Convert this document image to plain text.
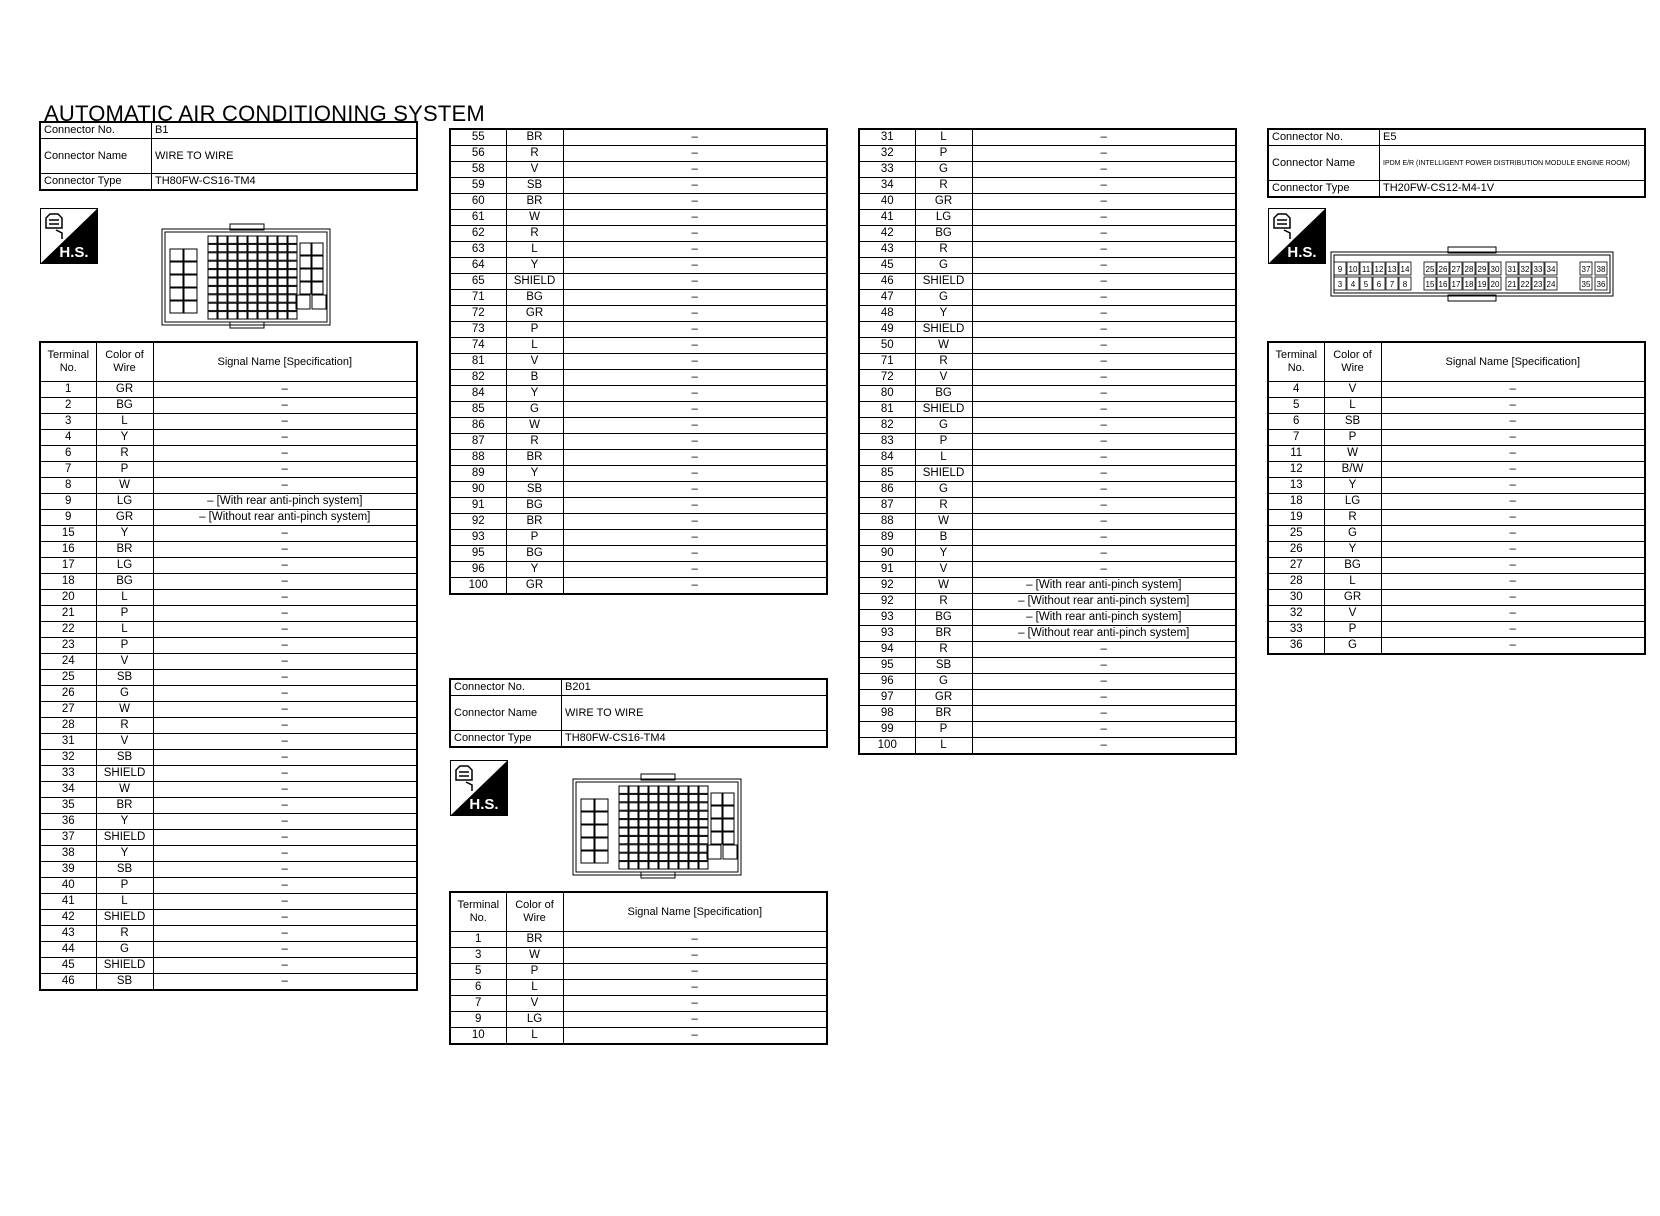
AUTOMATIC AIR CONDITIONING SYSTEM
Connector No.	B1
Connector Name	WIRE TO WIRE
Connector Type	TH80FW-CS16-TM4
H.S.
Terminal No.	Color of Wire	Signal Name [Specification]
1	GR	–
2	BG	–
3	L	–
4	Y	–
6	R	–
7	P	–
8	W	–
9	LG	– [With rear anti-pinch system]
9	GR	– [Without rear anti-pinch system]
15	Y	–
16	BR	–
17	LG	–
18	BG	–
20	L	–
21	P	–
22	L	–
23	P	–
24	V	–
25	SB	–
26	G	–
27	W	–
28	R	–
31	V	–
32	SB	–
33	SHIELD	–
34	W	–
35	BR	–
36	Y	–
37	SHIELD	–
38	Y	–
39	SB	–
40	P	–
41	L	–
42	SHIELD	–
43	R	–
44	G	–
45	SHIELD	–
46	SB	–
55	BR	–
56	R	–
58	V	–
59	SB	–
60	BR	–
61	W	–
62	R	–
63	L	–
64	Y	–
65	SHIELD	–
71	BG	–
72	GR	–
73	P	–
74	L	–
81	V	–
82	B	–
84	Y	–
85	G	–
86	W	–
87	R	–
88	BR	–
89	Y	–
90	SB	–
91	BG	–
92	BR	–
93	P	–
95	BG	–
96	Y	–
100	GR	–
Connector No.	B201
Connector Name	WIRE TO WIRE
Connector Type	TH80FW-CS16-TM4
H.S.
Terminal No.	Color of Wire	Signal Name [Specification]
1	BR	–
3	W	–
5	P	–
6	L	–
7	V	–
9	LG	–
10	L	–
31	L	–
32	P	–
33	G	–
34	R	–
40	GR	–
41	LG	–
42	BG	–
43	R	–
45	G	–
46	SHIELD	–
47	G	–
48	Y	–
49	SHIELD	–
50	W	–
71	R	–
72	V	–
80	BG	–
81	SHIELD	–
82	G	–
83	P	–
84	L	–
85	SHIELD	–
86	G	–
87	R	–
88	W	–
89	B	–
90	Y	–
91	V	–
92	W	– [With rear anti-pinch system]
92	R	– [Without rear anti-pinch system]
93	BG	– [With rear anti-pinch system]
93	BR	– [Without rear anti-pinch system]
94	R	–
95	SB	–
96	G	–
97	GR	–
98	BR	–
99	P	–
100	L	–
Connector No.	E5
Connector Name	IPDM E/R (INTELLIGENT POWER DISTRIBUTION MODULE ENGINE ROOM)
Connector Type	TH20FW-CS12-M4-1V
H.S.
9 10 11 12 13 14 25 26 27 28 29 30 31 32 33 34	37 38
3 4 5 6 7 8 15 16 17 18 19 20 21 22 23 24	35 36
Terminal No.	Color of Wire	Signal Name [Specification]
4	V	–
5	L	–
6	SB	–
7	P	–
11	W	–
12	B/W	–
13	Y	–
18	LG	–
19	R	–
25	G	–
26	Y	–
27	BG	–
28	L	–
30	GR	–
32	V	–
33	P	–
36	G	–
